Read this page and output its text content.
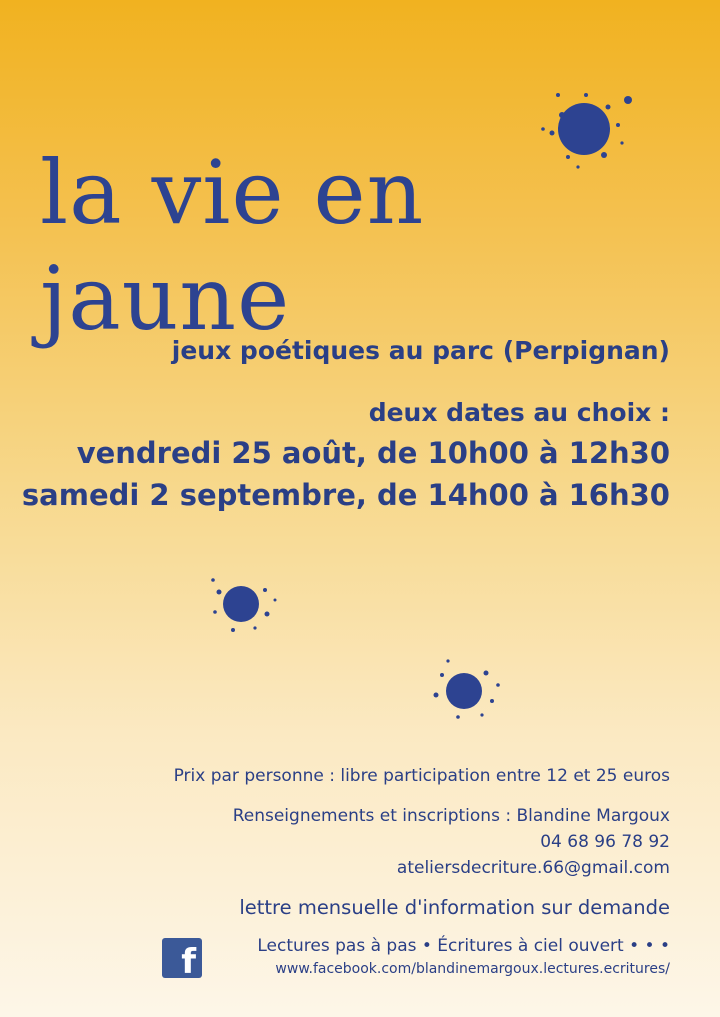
la vie en jaune
jeux poétiques au parc (Perpignan)
deux dates au choix :
vendredi 25 août, de 10h00 à 12h30
samedi 2 septembre, de 14h00 à 16h30
Prix par personne : libre participation entre 12 et 25 euros
Renseignements et inscriptions : Blandine Margoux
04 68 96 78 92
ateliersdecriture.66@gmail.com
lettre mensuelle d'information sur demande
f	Lectures pas à pas • Écritures à ciel ouvert • • •
www.facebook.com/blandinemargoux.lectures.ecritures/
